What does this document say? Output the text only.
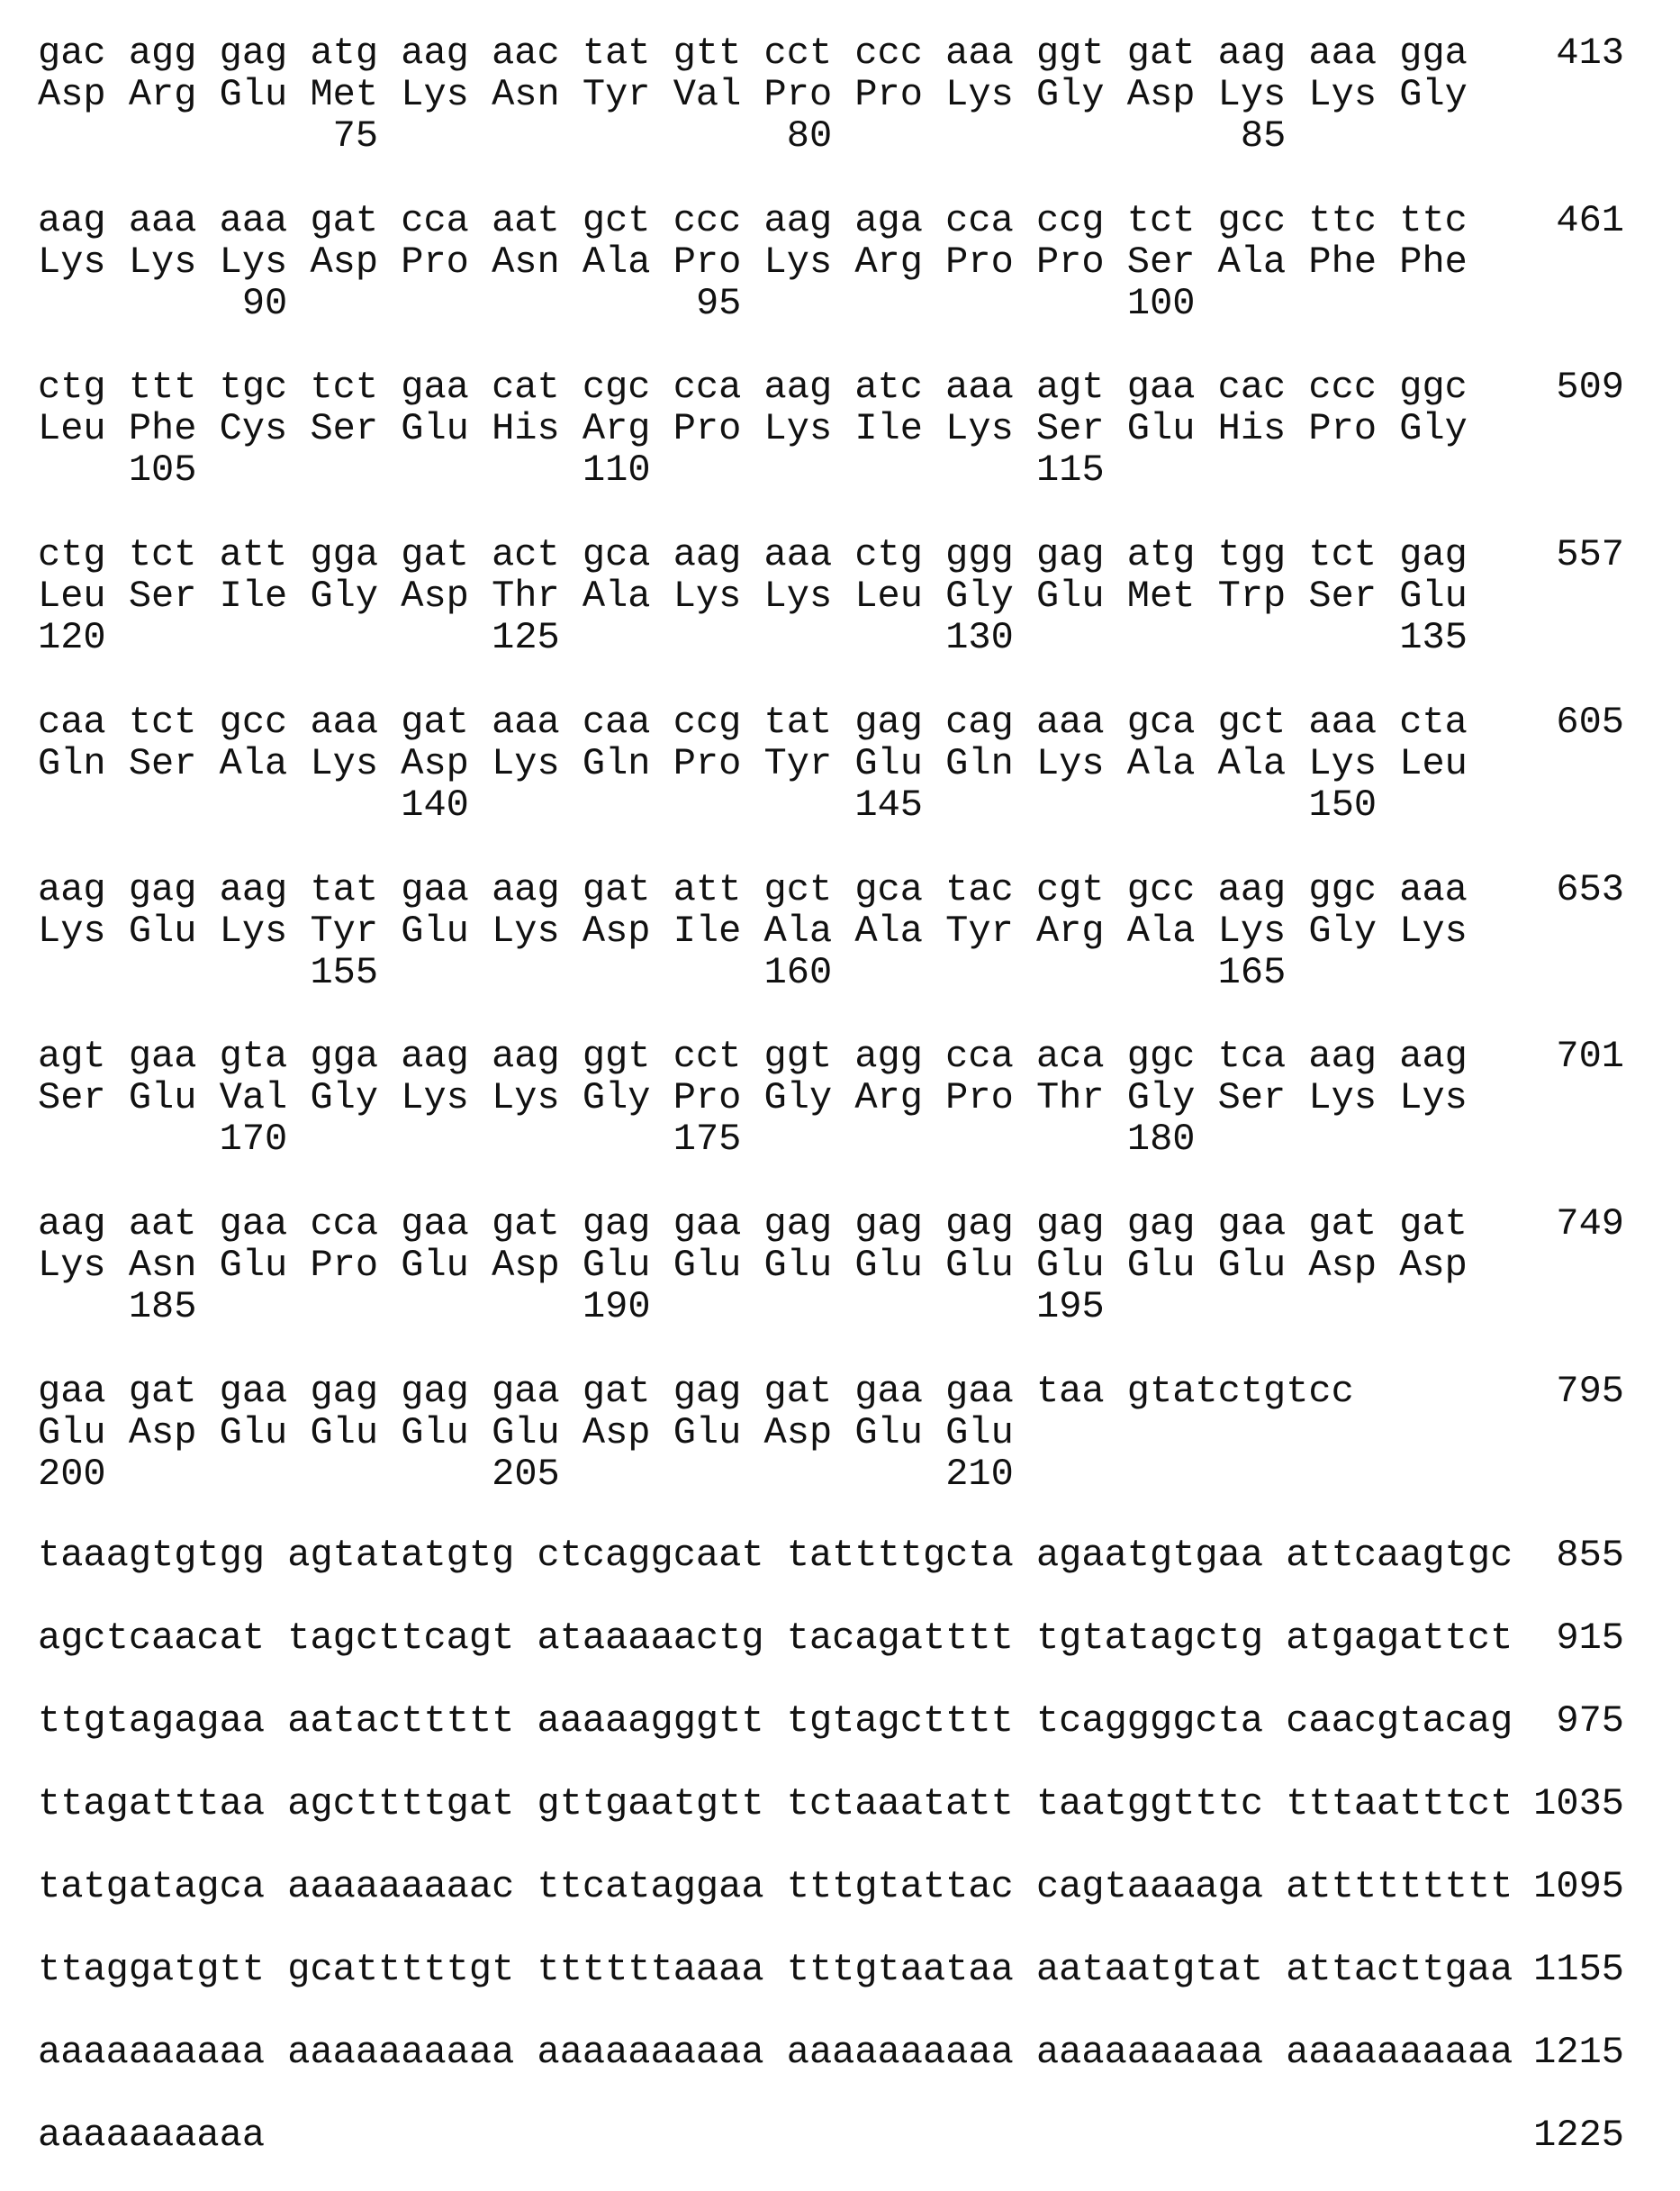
gac agg gag atg aag aac tat gtt cct ccc aaa ggt gat aag aaa gga
Asp Arg Glu Met Lys Asn Tyr Val Pro Pro Lys Gly Asp Lys Lys Gly
75	80	85
413
aag aaa aaa gat cca aat gct ccc aag aga cca ccg tct gcc ttc ttc
Lys Lys Lys Asp Pro Asn Ala Pro Lys Arg Pro Pro Ser Ala Phe Phe
90	95	100
461
ctg ttt tgc tct gaa cat cgc cca aag atc aaa agt gaa cac ccc ggc
Leu Phe Cys Ser Glu His Arg Pro Lys Ile Lys Ser Glu His Pro Gly
105	110	115
509
ctg tct att gga gat act gca aag aaa ctg ggg gag atg tgg tct gag
Leu Ser Ile Gly Asp Thr Ala Lys Lys Leu Gly Glu Met Trp Ser Glu
120	125	130	135
557
caa tct gcc aaa gat aaa caa ccg tat gag cag aaa gca gct aaa cta
Gln Ser Ala Lys Asp Lys Gln Pro Tyr Glu Gln Lys Ala Ala Lys Leu
140	145	150
605
aag gag aag tat gaa aag gat att gct gca tac cgt gcc aag ggc aaa
Lys Glu Lys Tyr Glu Lys Asp Ile Ala Ala Tyr Arg Ala Lys Gly Lys
155	160	165
653
agt gaa gta gga aag aag ggt cct ggt agg cca aca ggc tca aag aag
Ser Glu Val Gly Lys Lys Gly Pro Gly Arg Pro Thr Gly Ser Lys Lys
170	175	180
701
aag aat gaa cca gaa gat gag gaa gag gag gag gag gag gaa gat gat
Lys Asn Glu Pro Glu Asp Glu Glu Glu Glu Glu Glu Glu Glu Asp Asp
185	190	195
749
gaa gat gaa gag gag gaa gat gag gat gaa gaa taa gtatctgtcc
Glu Asp Glu Glu Glu Glu Asp Glu Asp Glu Glu
200	205	210
795
taaagtgtgg agtatatgtg ctcaggcaat tattttgcta agaatgtgaa attcaagtgc 855
agctcaacat tagcttcagt ataaaaactg tacagatttt tgtatagctg atgagattct 915
ttgtagagaa aatacttttt aaaaagggtt tgtagctttt tcaggggcta caacgtacag 975
ttagatttaa agcttttgat gttgaatgtt tctaaatatt taatggtttc tttaatttct 1035
tatgatagca aaaaaaaaac ttcataggaa tttgtattac cagtaaaaga attttttttt 1095
ttaggatgtt gcatttttgt ttttttaaaa tttgtaataa aataatgtat attacttgaa 1155
aaaaaaaaaa aaaaaaaaaa aaaaaaaaaa aaaaaaaaaa aaaaaaaaaa aaaaaaaaaa 1215
aaaaaaaaaa	1225
